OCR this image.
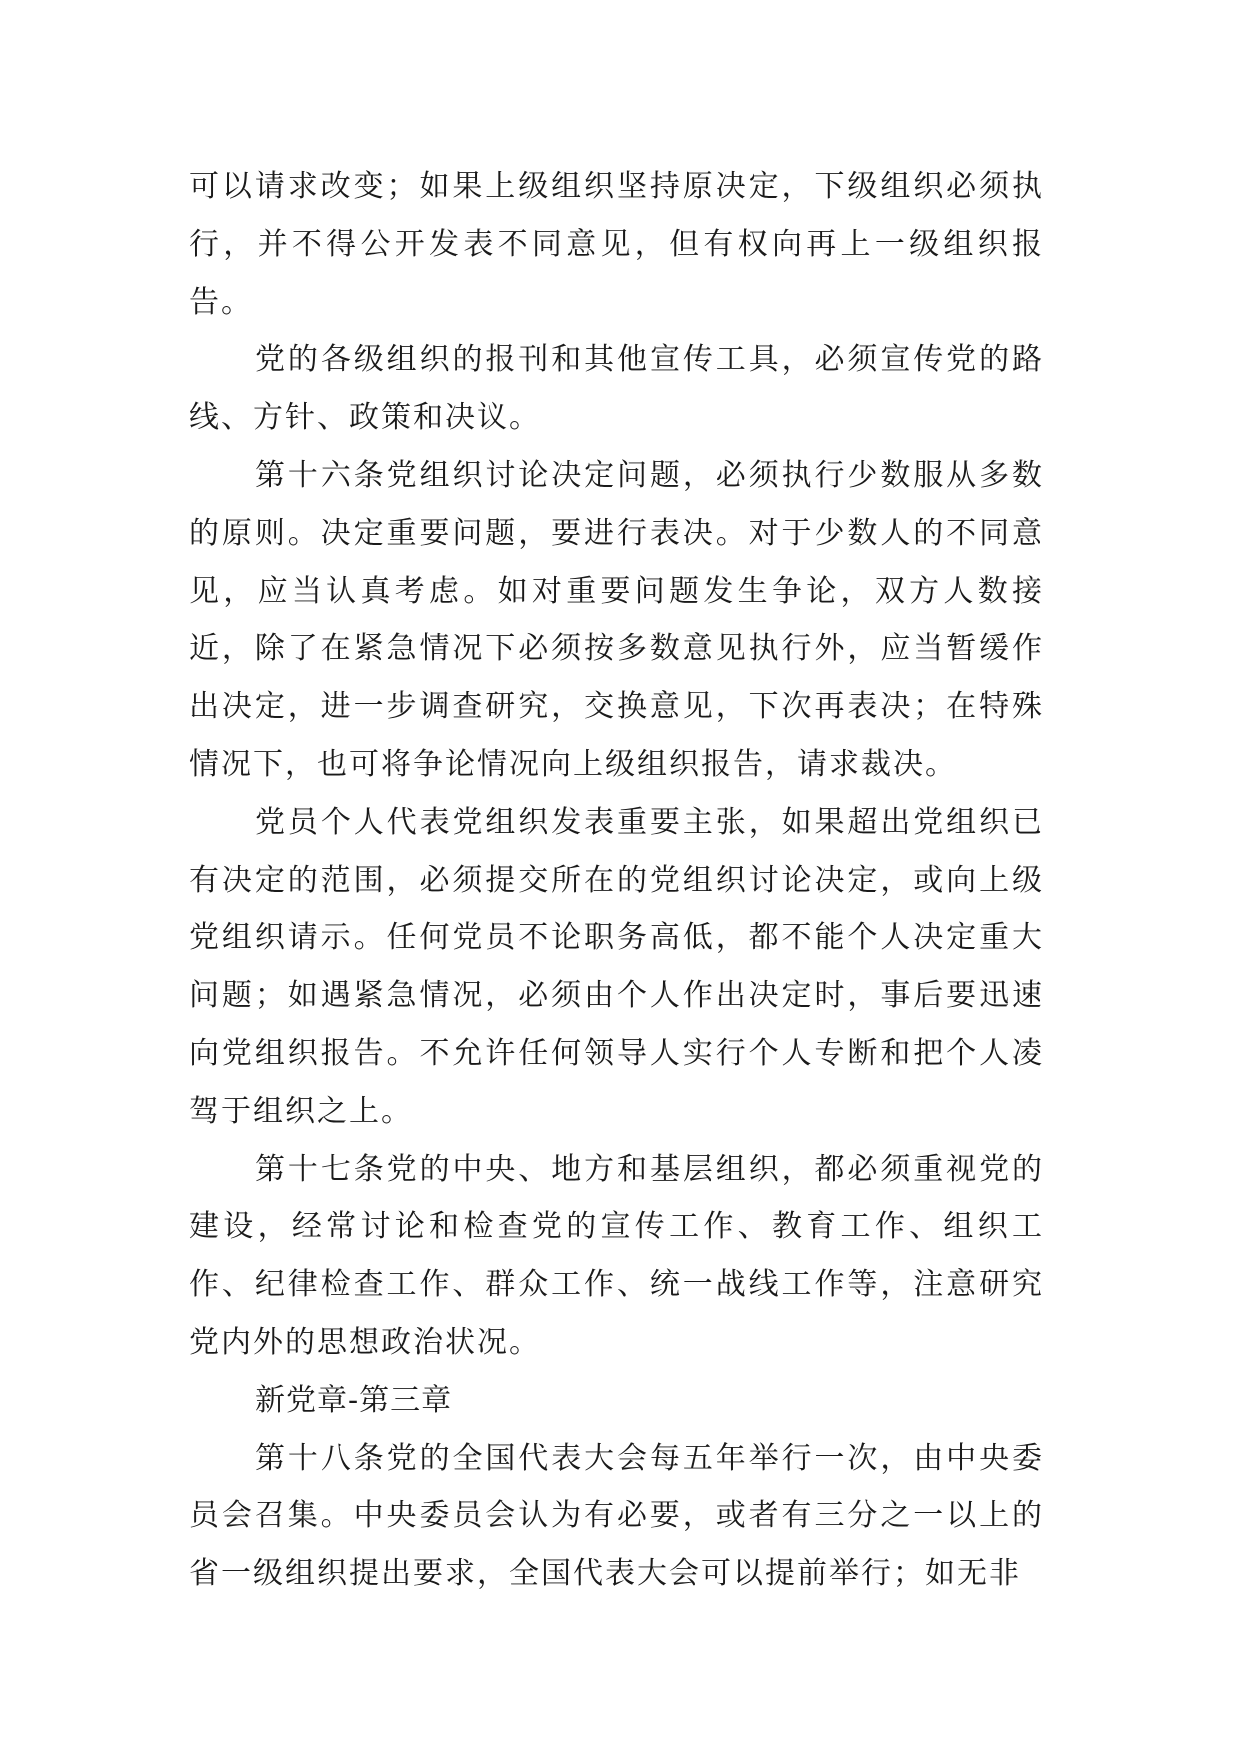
可以请求改变；如果上级组织坚持原决定，下级组织必须执行，并不得公开发表不同意见，但有权向再上一级组织报告。

党的各级组织的报刊和其他宣传工具，必须宣传党的路线、方针、政策和决议。

第十六条党组织讨论决定问题，必须执行少数服从多数的原则。决定重要问题，要进行表决。对于少数人的不同意见，应当认真考虑。如对重要问题发生争论，双方人数接近，除了在紧急情况下必须按多数意见执行外，应当暂缓作出决定，进一步调查研究，交换意见，下次再表决；在特殊情况下，也可将争论情况向上级组织报告，请求裁决。

党员个人代表党组织发表重要主张，如果超出党组织已有决定的范围，必须提交所在的党组织讨论决定，或向上级党组织请示。任何党员不论职务高低，都不能个人决定重大问题；如遇紧急情况，必须由个人作出决定时，事后要迅速向党组织报告。不允许任何领导人实行个人专断和把个人凌驾于组织之上。

第十七条党的中央、地方和基层组织，都必须重视党的建设，经常讨论和检查党的宣传工作、教育工作、组织工作、纪律检查工作、群众工作、统一战线工作等，注意研究党内外的思想政治状况。

新党章-第三章

第十八条党的全国代表大会每五年举行一次，由中央委员会召集。中央委员会认为有必要，或者有三分之一以上的省一级组织提出要求，全国代表大会可以提前举行；如无非
